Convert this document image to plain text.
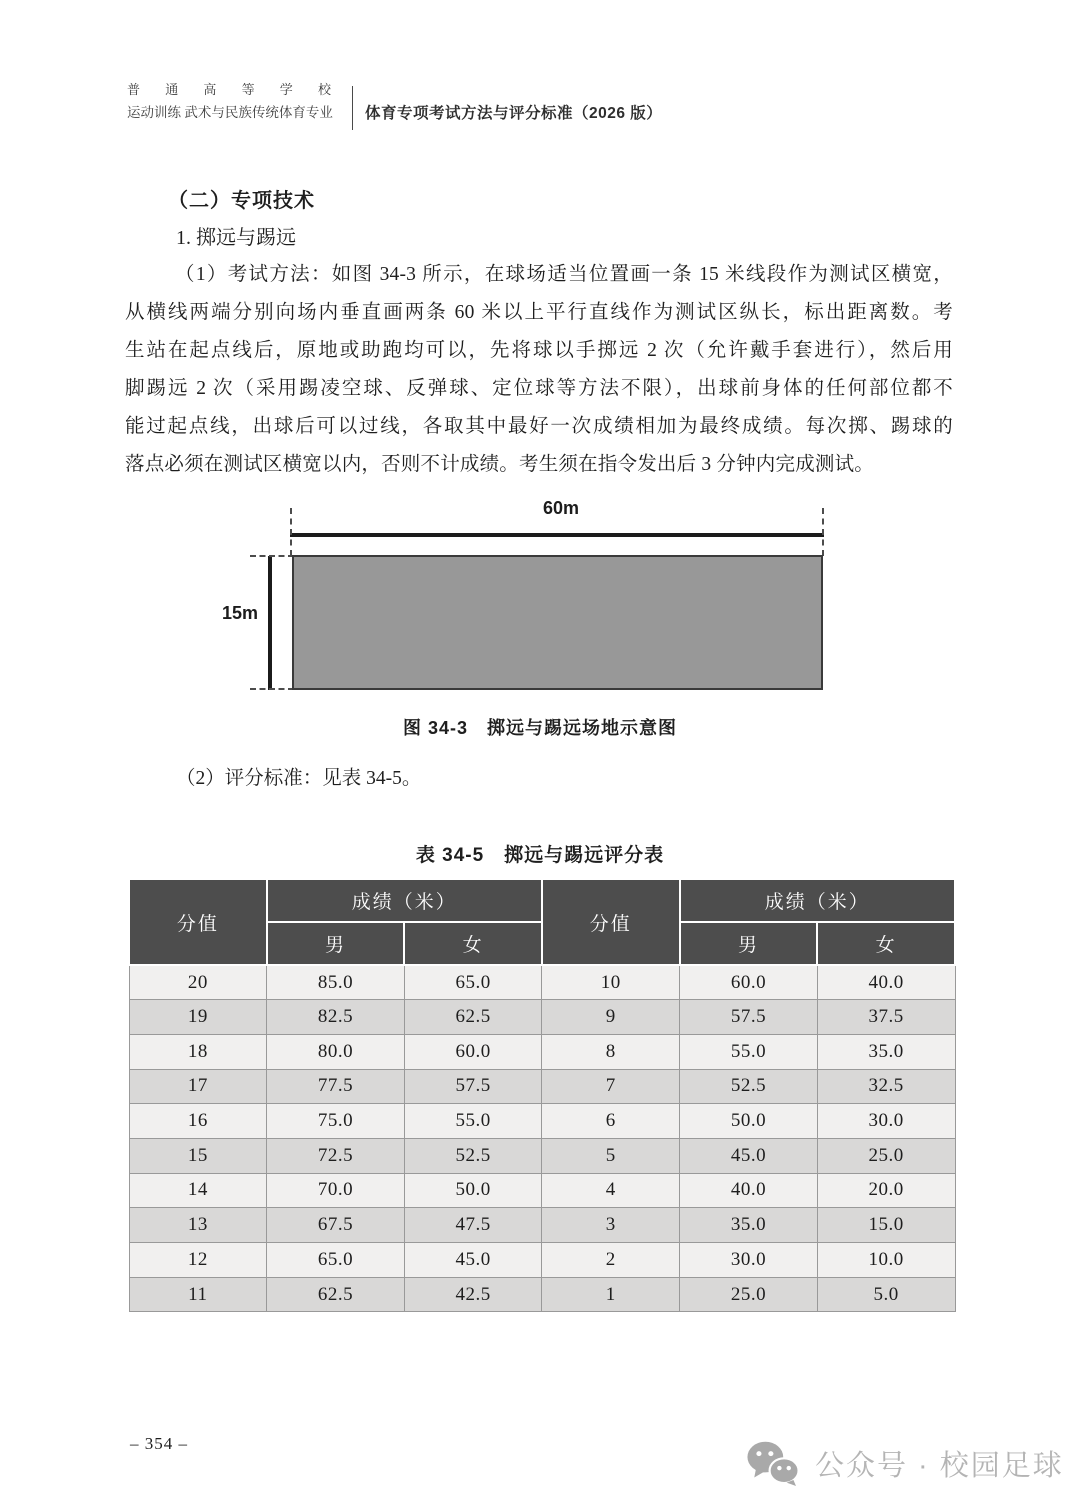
普通高等学校
运动训练 武术与民族传统体育专业	体育专项考试方法与评分标准（2026 版）
（二）专项技术
1. 掷远与踢远
（1）考试方法：如图 34-3 所示，在球场适当位置画一条 15 米线段作为测试区横宽，
从横线两端分别向场内垂直画两条 60 米以上平行直线作为测试区纵长，标出距离数。考
生站在起点线后，原地或助跑均可以，先将球以手掷远 2 次（允许戴手套进行），然后用
脚踢远 2 次（采用踢凌空球、反弹球、定位球等方法不限），出球前身体的任何部位都不
能过起点线，出球后可以过线，各取其中最好一次成绩相加为最终成绩。每次掷、踢球的
落点必须在测试区横宽以内，否则不计成绩。考生须在指令发出后 3 分钟内完成测试。
60m
15m
图 34-3　掷远与踢远场地示意图
（2）评分标准：见表 34-5。
表 34-5　掷远与踢远评分表
分值	成绩（米）		分值	成绩（米）	
	男	女		男	女
20	85.0	65.0	10	60.0	40.0
19	82.5	62.5	9	57.5	37.5
18	80.0	60.0	8	55.0	35.0
17	77.5	57.5	7	52.5	32.5
16	75.0	55.0	6	50.0	30.0
15	72.5	52.5	5	45.0	25.0
14	70.0	50.0	4	40.0	20.0
13	67.5	47.5	3	35.0	15.0
12	65.0	45.0	2	30.0	10.0
11	62.5	42.5	1	25.0	5.0
– 354 –
公众号 · 校园足球
